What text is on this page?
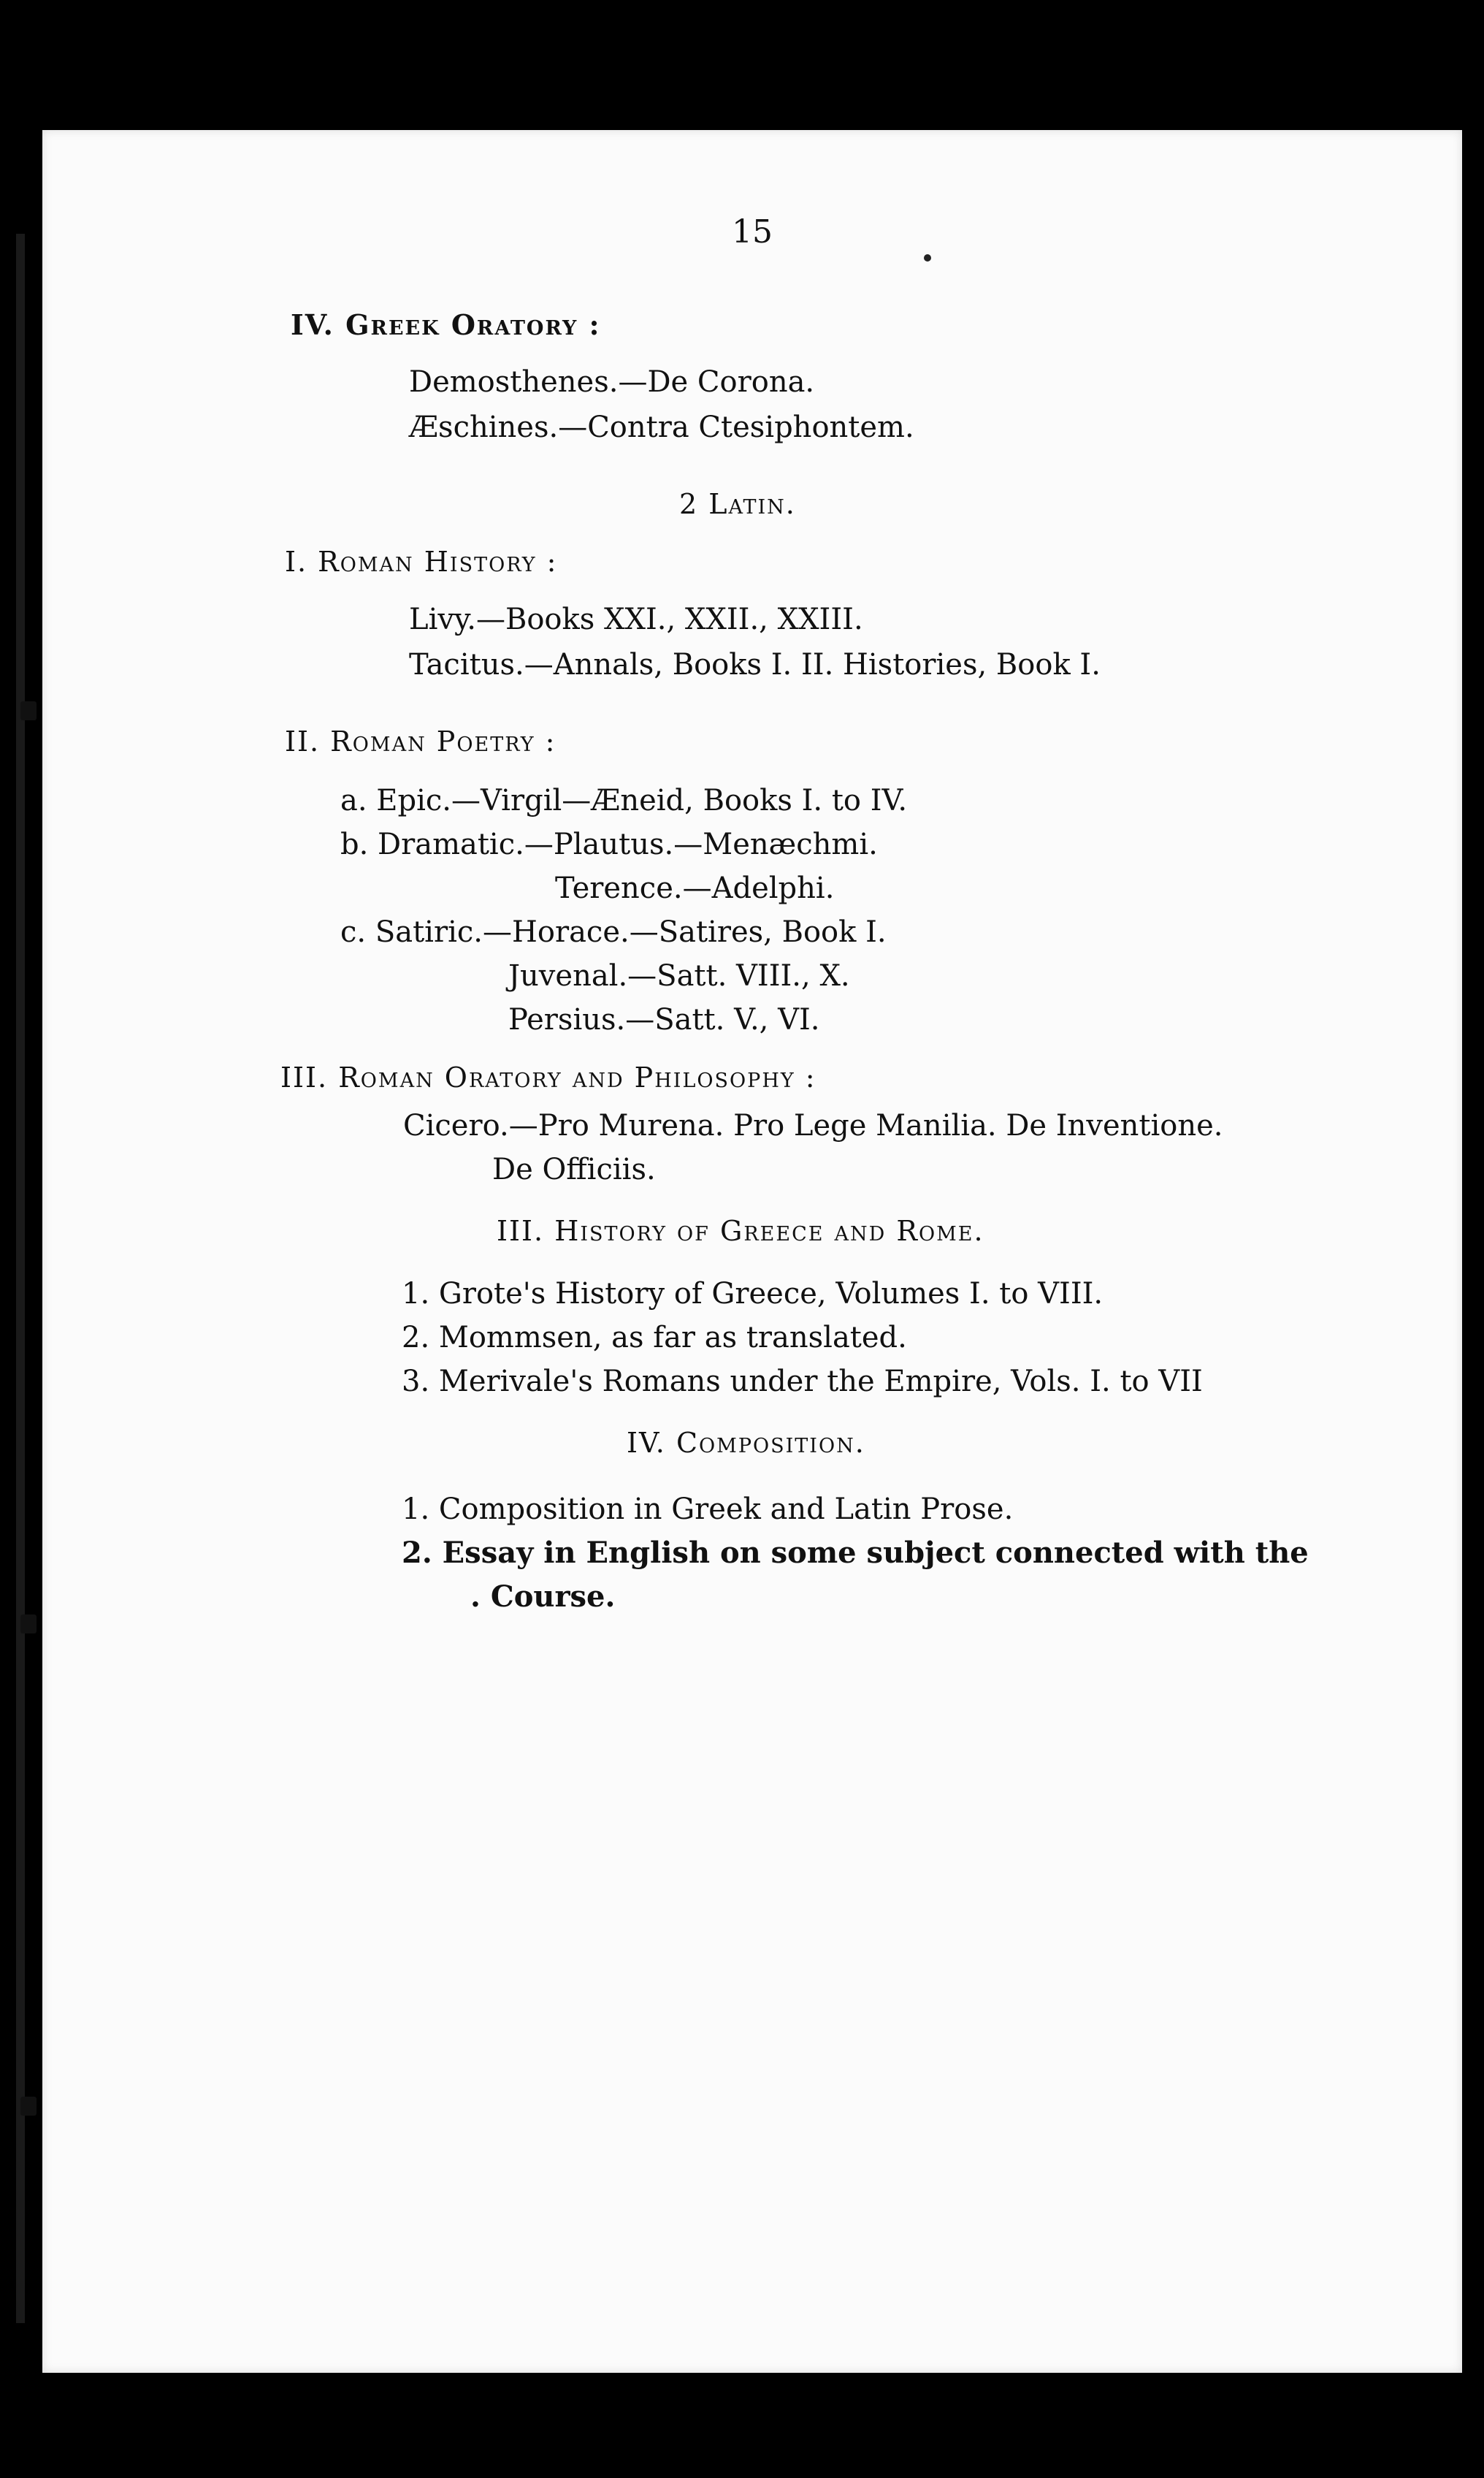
15
IV. Greek Oratory :
Demosthenes.—De Corona.
Æschines.—Contra Ctesiphontem.
2 Latin.
I. Roman History :
Livy.—Books XXI., XXII., XXIII.
Tacitus.—Annals, Books I. II. Histories, Book I.
II. Roman Poetry :
a. Epic.—Virgil—Æneid, Books I. to IV.
b. Dramatic.—Plautus.—Menæchmi.
Terence.—Adelphi.
c. Satiric.—Horace.—Satires, Book I.
Juvenal.—Satt. VIII., X.
Persius.—Satt. V., VI.
III. Roman Oratory and Philosophy :
Cicero.—Pro Murena. Pro Lege Manilia. De Inventione.
De Officiis.
III. History of Greece and Rome.
1. Grote's History of Greece, Volumes I. to VIII.
2. Mommsen, as far as translated.
3. Merivale's Romans under the Empire, Vols. I. to VII
IV. Composition.
1. Composition in Greek and Latin Prose.
2. Essay in English on some subject connected with the
. Course.
